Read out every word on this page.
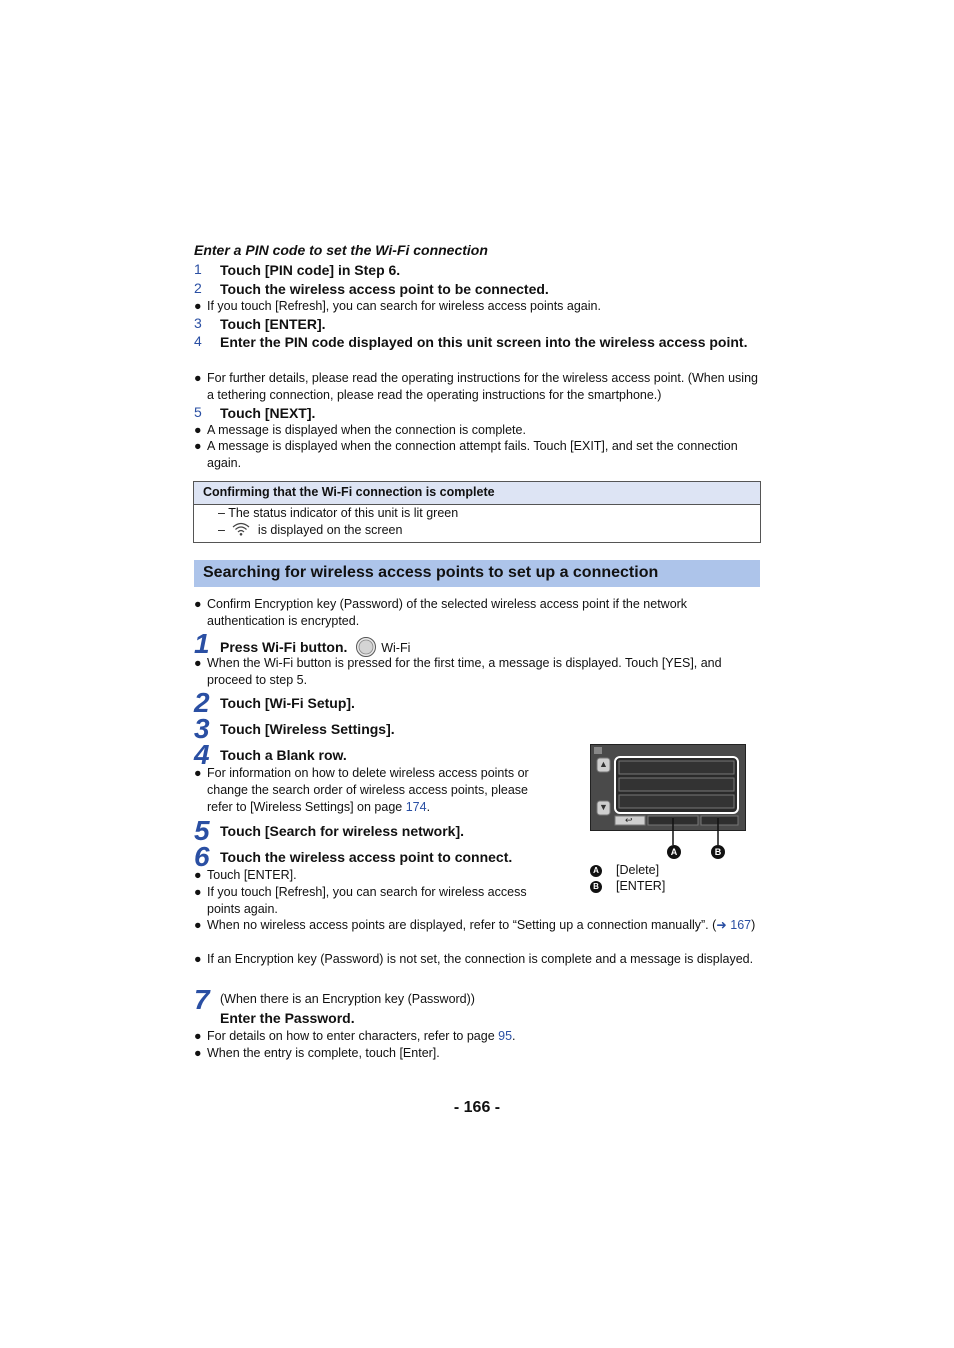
Enter a PIN code to set the Wi-Fi connection
1 Touch [PIN code] in Step 6.
2 Touch the wireless access point to be connected.
● If you touch [Refresh], you can search for wireless access points again.
3 Touch [ENTER].
4 Enter the PIN code displayed on this unit screen into the wireless access point.
● For further details, please read the operating instructions for the wireless access point. (When using a tethering connection, please read the operating instructions for the smartphone.)
5 Touch [NEXT].
● A message is displayed when the connection is complete.
● A message is displayed when the connection attempt fails. Touch [EXIT], and set the connection again.
Confirming that the Wi-Fi connection is complete
– The status indicator of this unit is lit green
–	is displayed on the screen
Searching for wireless access points to set up a connection
● Confirm Encryption key (Password) of the selected wireless access point if the network authentication is encrypted.
1 Press Wi-Fi button.	Wi-Fi
● When the Wi-Fi button is pressed for the first time, a message is displayed. Touch [YES], and proceed to step 5.
2 Touch [Wi-Fi Setup].
3 Touch [Wireless Settings].
4 Touch a Blank row.
● For information on how to delete wireless access points or change the search order of wireless access points, please refer to [Wireless Settings] on page 174.
↩
▲
▼
A	B
A [Delete]
B [ENTER]
5 Touch [Search for wireless network].
6 Touch the wireless access point to connect.
● Touch [ENTER].
● If you touch [Refresh], you can search for wireless access points again.
● When no wireless access points are displayed, refer to “Setting up a connection manually”. (➜ 167)
● If an Encryption key (Password) is not set, the connection is complete and a message is displayed.
7 (When there is an Encryption key (Password))
Enter the Password.
● For details on how to enter characters, refer to page 95.
● When the entry is complete, touch [Enter].
- 166 -
